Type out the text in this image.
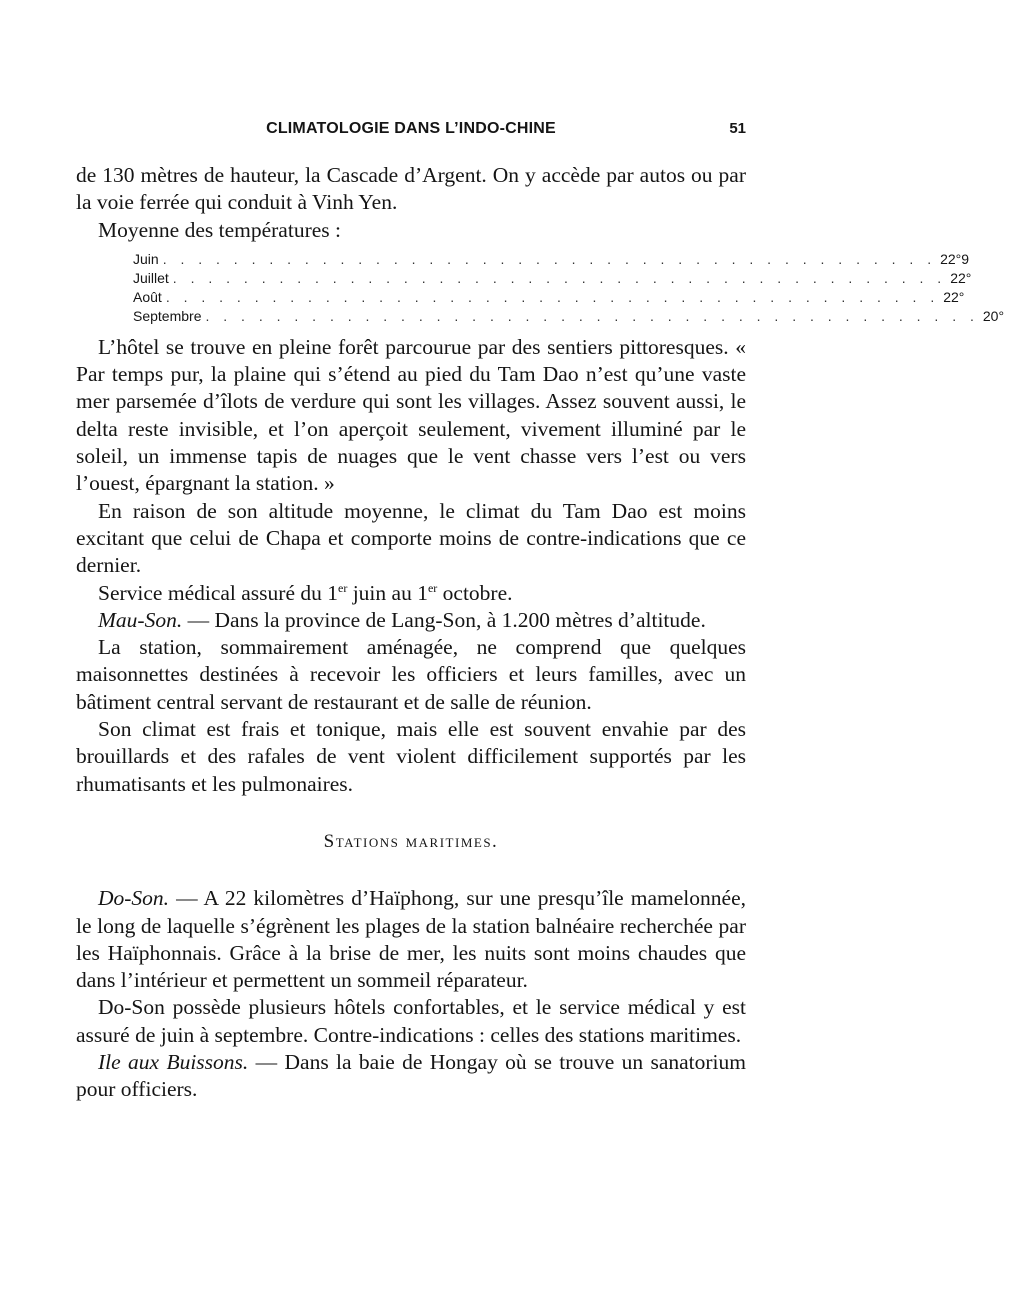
CLIMATOLOGIE DANS L’INDO-CHINE	51

de 130 mètres de hauteur, la Cascade d’Argent. On y accède par autos ou par la voie ferrée qui conduit à Vinh Yen.

Moyenne des températures :

Juin . . . . . . . . . . . . . . . . . . . . . . . . . . . . . . . . . . . . . . . . . . . . 22°9
Juillet . . . . . . . . . . . . . . . . . . . . . . . . . . . . . . . . . . . . . . . . . . . . 22°
Août . . . . . . . . . . . . . . . . . . . . . . . . . . . . . . . . . . . . . . . . . . . . 22°
Septembre . . . . . . . . . . . . . . . . . . . . . . . . . . . . . . . . . . . . . . . . . . . . 20°

L’hôtel se trouve en pleine forêt parcourue par des sentiers pittoresques. « Par temps pur, la plaine qui s’étend au pied du Tam Dao n’est qu’une vaste mer parsemée d’îlots de verdure qui sont les villages. Assez souvent aussi, le delta reste invisible, et l’on aperçoit seulement, vivement illuminé par le soleil, un immense tapis de nuages que le vent chasse vers l’est ou vers l’ouest, épargnant la station. »

En raison de son altitude moyenne, le climat du Tam Dao est moins excitant que celui de Chapa et comporte moins de contre-indications que ce dernier.

Service médical assuré du 1er juin au 1er octobre.

Mau-Son. — Dans la province de Lang-Son, à 1.200 mètres d’altitude.

La station, sommairement aménagée, ne comprend que quelques maisonnettes destinées à recevoir les officiers et leurs familles, avec un bâtiment central servant de restaurant et de salle de réunion.

Son climat est frais et tonique, mais elle est souvent envahie par des brouillards et des rafales de vent violent difficilement supportés par les rhumatisants et les pulmonaires.

Stations maritimes.

Do-Son. — A 22 kilomètres d’Haïphong, sur une presqu’île mamelonnée, le long de laquelle s’égrènent les plages de la station balnéaire recherchée par les Haïphonnais. Grâce à la brise de mer, les nuits sont moins chaudes que dans l’intérieur et permettent un sommeil réparateur.

Do-Son possède plusieurs hôtels confortables, et le service médical y est assuré de juin à septembre. Contre-indications : celles des stations maritimes.

Ile aux Buissons. — Dans la baie de Hongay où se trouve un sanatorium pour officiers.
